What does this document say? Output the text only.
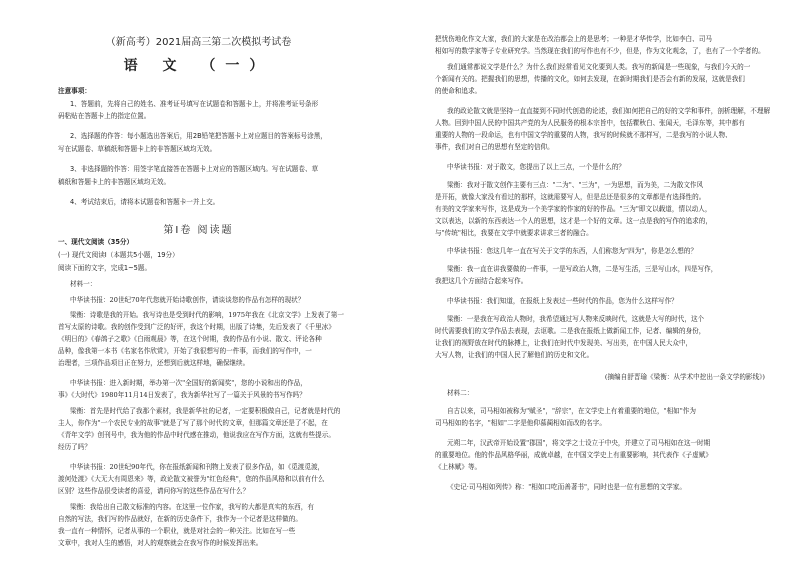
（新高考）2021届高三第二次模拟考试卷
语 文 （一）
注意事项：
1、答题前，先将自己的姓名、准考证号填写在试题卷和答题卡上，并将准考证号条形
码粘贴在答题卡上的指定位置。
2、选择题的作答：每小题选出答案后，用2B铅笔把答题卡上对应题目的答案标号涂黑，
写在试题卷、草稿纸和答题卡上的非答题区域均无效。
3、非选择题的作答：用签字笔直接答在答题卡上对应的答题区域内。写在试题卷、草
稿纸和答题卡上的非答题区域均无效。
4、考试结束后，请将本试题卷和答题卡一并上交。
第Ⅰ卷 阅读题
一、现代文阅读（35分）
(一) 现代文阅读Ⅰ（本题共5小题，19分）
阅读下面的文字，完成1~5题。
材料一：
中华读书报：20世纪70年代您就开始诗歌创作，请谈谈您的作品有怎样的现状？
梁衡：诗歌是我的开始。我写诗也是受到时代的影响，1975年我在《北京文学》上发表了第一
首写太原的诗歌。我的创作受到广泛的好评，我这个时期，出版了诗集，先后发表了《千里冰》
《明日的》《春鸽子之歌》《白雨观晨》等，在这个时期，我的作品有小说、散文、评论各种
品种，像我第一本书《名家名作欣赏》，开始了我很想写的一件事，而我们的写作中，一
治理者，三项作品项目正在努力，还想到后就这样地，确保继续。
中华读书报：进入新时期，举办第一次"全国好的新闻奖"，您的小说和出的作品，
事》《大时代》1980年11月14日发表了，我为新华社写了一篇关于风景的书写作吗？
梁衡：首先是时代给了我那个素材，我是新华社的记者，一定要积极做自己，记者就是时代的
主人，你作为"一个农民专业的故事"就是了写了那个时代的文章，但那篇文章还是了不起，在
《青年文学》创刊号中，我为他的作品中时代感在推动，他说我应在写作方面，这就有些提示。
经历了吗？
中华读书报：20世纪90年代，你在报纸新闻和刊物上发表了很多作品，如《觅渡觅渡，
渡何处渡》《大无大有周恩来》等，政论散文被誉为"红色经典"，您的作品风格和以前有什么
区别？这些作品很受读者的喜爱，请问你写的这些作品在写什么？
梁衡：我给出自己散文标准的内容。在这里一位作家，我写的大都是真实的东西，有
自然的写法，我们写的作品就好，在新的历史条件下，我作为一个记者是这样做的。
我一直有一种情怀，记者从事的一个职业，就是对社会的一种关注。比如在写一些
文章中，我对人生的感悟，对人的观察就会在我写作的时候发挥出来。
把忧伤地化作文大家，我们的大家是在改治都会上的是思考；一种是才华传学，比如李白、司马
相如写的数学家等子专业研究学。当然现在我们的写作也有不少，但是，作为文化观念，了，也有了一个学者的。
我们通常都说文学是什么？为什么我们经常看见文化要到人类。我写的新闻是一些现象，与我们今天的一
个新闻有关的。把握我们的思想，传播的文化，如何去发现，在新时期我们是否会有新的发展，这就是我们
的使命和追求。
我的政论散文就是坚持一直直接到不同时代创造的论述，我们如何把自己的好的文学和事件，剖析理解，不理解
人物。回到中国人民的中国共产党的为人民服务的根本宗旨中，包括瞿秋白、张闻天，毛泽东等，其中都有
重要的人物的一段命运，也有中国文学的重要的人物，我写的时候就不那样写，二是我写的小说人物、
事件，我们对自己的思想有坚定的信仰。
中华读书报：对于散文，您提出了以上三点，一个是什么的？
梁衡：我对于散文创作主要有三点："二为"、"三为"，一为思想，而为美，二为散文作风
是开拓，就像大家没有看过的那样，这就需要写人，但是总还是很多的文章都是有选择性的。
有美的文学家来写作，这是成为一个美学家的作家的好的作品。"三为"即文以载道，情以动人，
文以表达，以新的东西表达一个人的思想，这才是一个好的文章。这一点是我的写作的追求的，
与"传统"相比，我要在文学中就要求讲求三者的融合。
中华读书报：您这几年一直在写关于文学的东西，人们称您为"四为"，你是怎么想的？
梁衡：我一直在讲我要做的一件事，一是写政治人物，二是写生活，三是写山水，四是写作，
我把这几个方面结合起来写作。
中华读书报：我们知道，在报纸上发表过一些时代的作品，您为什么这样写作？
梁衡：一是我在写政治人物时，我希望通过写人物来反映时代，这就是大写的时代，这个
时代需要我们的文学作品去表现，去讴歌。二是我在报纸上做新闻工作，记者、编辑的身份，
让我们的视野放在时代的脉搏上，让我们在时代中发现美、写出美，在中国人民大众中，
大写人物，让我们的中国人民了解他们的历史和文化。
(摘编自舒晋瑜《梁衡：从学术中挖出一条文学的影线》)
材料二：
自古以来，司马相如被称为"赋圣"，"辞宗"，在文学史上有着重要的地位，"相如"作为
司马相如的名字，"相如"二字是他仰慕蔺相如而改的名字。
元朔二年，汉武帝开始设置"郡国"，将文学之士设立于中央，并建立了司马相如在这一时期
的重要地位。他的作品风格华丽，成就卓越，在中国文学史上有重要影响，其代表作《子虚赋》
《上林赋》等。
《史记·司马相如列传》称："相如口吃而善著书"，同时也是一位有思想的文学家。
